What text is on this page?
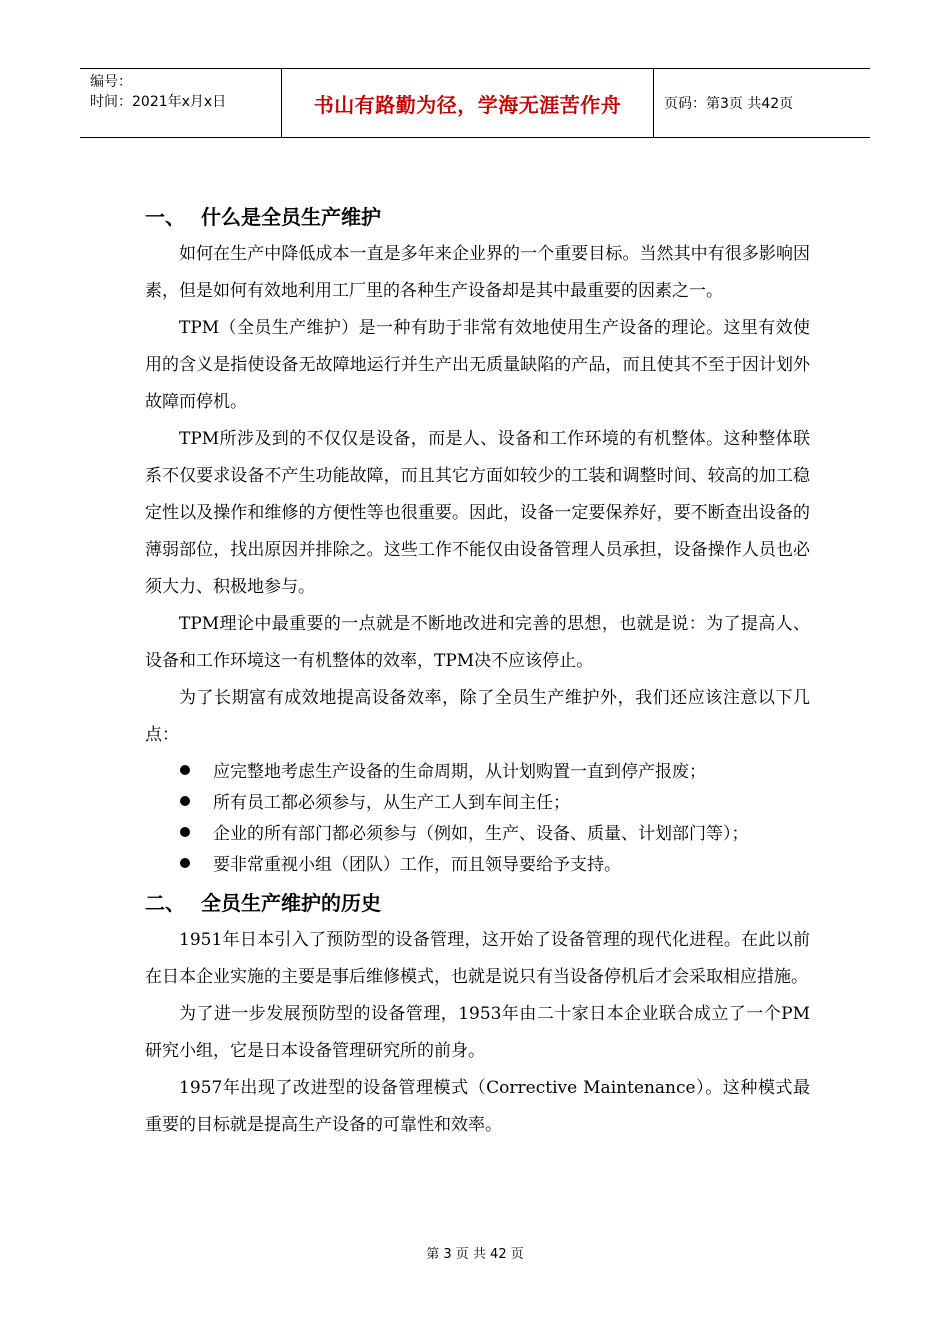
编号：
时间：2021年x月x日	书山有路勤为径，学海无涯苦作舟	页码：第3页 共42页
一、 什么是全员生产维护

如何在生产中降低成本一直是多年来企业界的一个重要目标。当然其中有很多影响因素，但是如何有效地利用工厂里的各种生产设备却是其中最重要的因素之一。

TPM（全员生产维护）是一种有助于非常有效地使用生产设备的理论。这里有效使用的含义是指使设备无故障地运行并生产出无质量缺陷的产品，而且使其不至于因计划外故障而停机。

TPM所涉及到的不仅仅是设备，而是人、设备和工作环境的有机整体。这种整体联系不仅要求设备不产生功能故障，而且其它方面如较少的工装和调整时间、较高的加工稳定性以及操作和维修的方便性等也很重要。因此，设备一定要保养好，要不断查出设备的薄弱部位，找出原因并排除之。这些工作不能仅由设备管理人员承担，设备操作人员也必须大力、积极地参与。

TPM理论中最重要的一点就是不断地改进和完善的思想，也就是说：为了提高人、设备和工作环境这一有机整体的效率，TPM决不应该停止。

为了长期富有成效地提高设备效率，除了全员生产维护外，我们还应该注意以下几点：

应完整地考虑生产设备的生命周期，从计划购置一直到停产报废；
所有员工都必须参与，从生产工人到车间主任；
企业的所有部门都必须参与（例如，生产、设备、质量、计划部门等）；
要非常重视小组（团队）工作，而且领导要给予支持。
二、 全员生产维护的历史

1951年日本引入了预防型的设备管理，这开始了设备管理的现代化进程。在此以前在日本企业实施的主要是事后维修模式，也就是说只有当设备停机后才会采取相应措施。

为了进一步发展预防型的设备管理，1953年由二十家日本企业联合成立了一个PM研究小组，它是日本设备管理研究所的前身。

1957年出现了改进型的设备管理模式（Corrective Maintenance）。这种模式最重要的目标就是提高生产设备的可靠性和效率。

第 3 页 共 42 页
